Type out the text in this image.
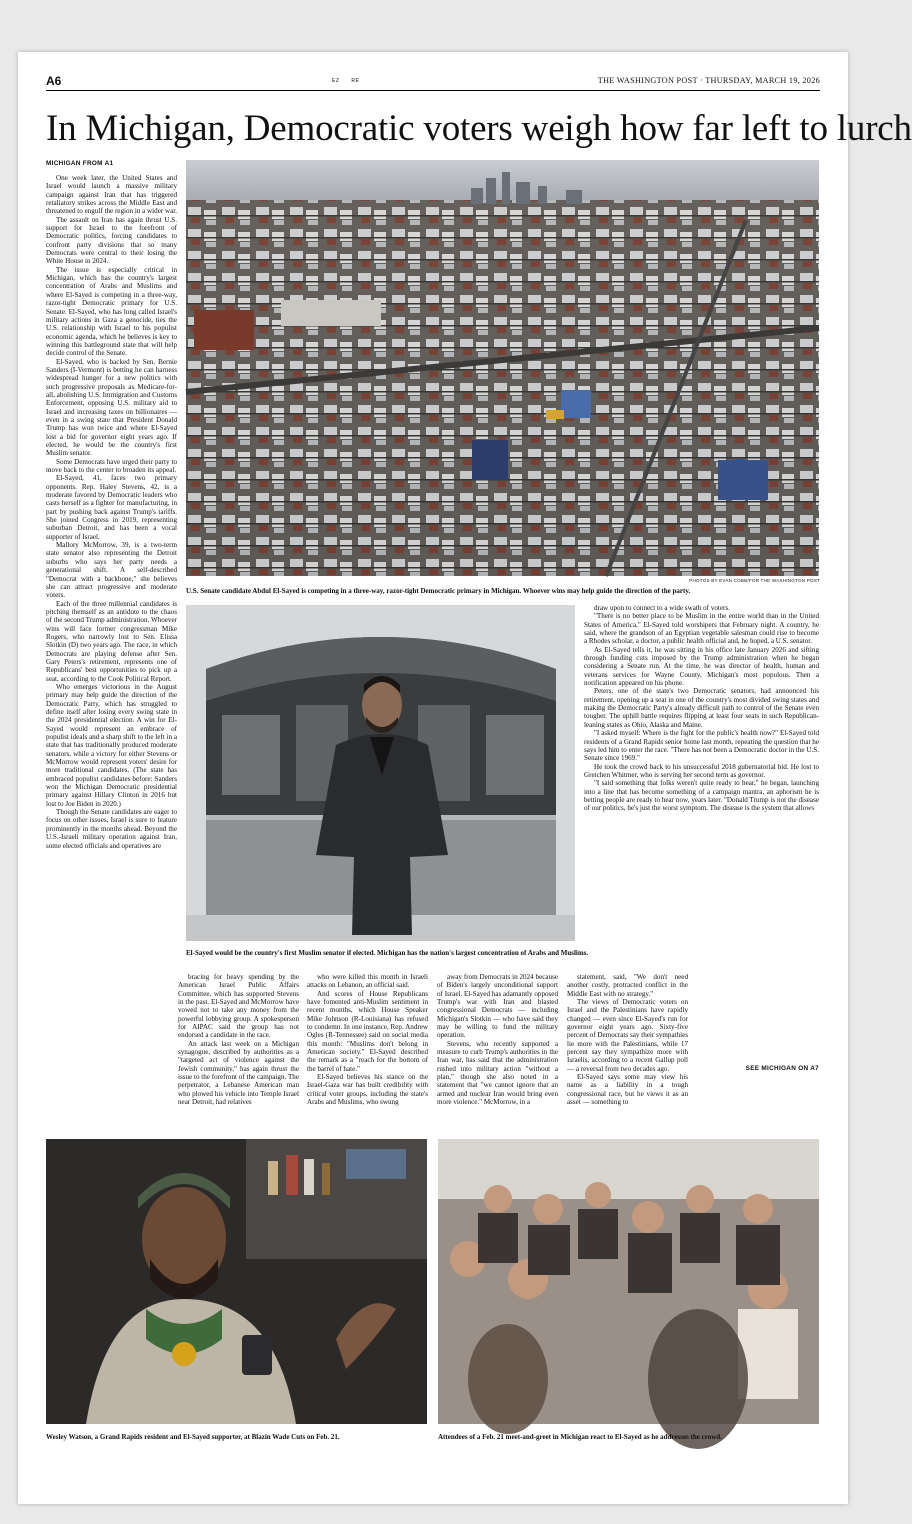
A6	EZ RE	THE WASHINGTON POST · THURSDAY, MARCH 19, 2026
In Michigan, Democratic voters weigh how far left to lurch
MICHIGAN FROM A1

One week later, the United States and Israel would launch a massive military campaign against Iran that has triggered retaliatory strikes across the Middle East and threatened to engulf the region in a wider war.

The assault on Iran has again thrust U.S. support for Israel to the forefront of Democratic politics, forcing candidates to confront party divisions that so many Democrats were central to their losing the White House in 2024.

The issue is especially critical in Michigan, which has the country's largest concentration of Arabs and Muslims and where El-Sayed is competing in a three-way, razor-tight Democratic primary for U.S. Senate. El-Sayed, who has long called Israel's military actions in Gaza a genocide, ties the U.S. relationship with Israel to his populist economic agenda, which he believes is key to winning this battleground state that will help decide control of the Senate.

El-Sayed, who is backed by Sen. Bernie Sanders (I-Vermont) is betting he can harness widespread hunger for a new politics with such progressive proposals as Medicare-for-all, abolishing U.S. Immigration and Customs Enforcement, opposing U.S. military aid to Israel and increasing taxes on billionaires — even in a swing state that President Donald Trump has won twice and where El-Sayed lost a bid for governor eight years ago. If elected, he would be the country's first Muslim senator.

Some Democrats have urged their party to move back to the center to broaden its appeal.

El-Sayed, 41, faces two primary opponents. Rep. Haley Stevens, 42, is a moderate favored by Democratic leaders who casts herself as a fighter for manufacturing, in part by pushing back against Trump's tariffs. She joined Congress in 2019, representing suburban Detroit, and has been a vocal supporter of Israel.

Mallory McMorrow, 39, is a two-term state senator also representing the Detroit suburbs who says her party needs a generational shift. A self-described "Democrat with a backbone," she believes she can attract progressive and moderate voters.

Each of the three millennial candidates is pitching themself as an antidote to the chaos of the second Trump administration. Whoever wins will face former congressman Mike Rogers, who narrowly lost to Sen. Elissa Slotkin (D) two years ago. The race, in which Democrats are playing defense after Sen. Gary Peters's retirement, represents one of Republicans' best opportunities to pick up a seat, according to the Cook Political Report.

Who emerges victorious in the August primary may help guide the direction of the Democratic Party, which has struggled to define itself after losing every swing state in the 2024 presidential election. A win for El-Sayed would represent an embrace of populist ideals and a sharp shift to the left in a state that has traditionally produced moderate senators, while a victory for either Stevens or McMorrow would represent voters' desire for more traditional candidates. (The state has embraced populist candidates before: Sanders won the Michigan Democratic presidential primary against Hillary Clinton in 2016 but lost to Joe Biden in 2020.)

Though the Senate candidates are eager to focus on other issues, Israel is sure to feature prominently in the months ahead. Beyond the U.S.-Israeli military operation against Iran, some elected officials and operatives are

PHOTOS BY EVAN COBB/FOR THE WASHINGTON POST
U.S. Senate candidate Abdul El-Sayed is competing in a three-way, razor-tight Democratic primary in Michigan. Whoever wins may help guide the direction of the party.
El-Sayed would be the country's first Muslim senator if elected. Michigan has the nation's largest concentration of Arabs and Muslims.

draw upon to connect to a wide swath of voters.

"There is no better place to be Muslim in the entire world than in the United States of America," El-Sayed told worshipers that February night. A country, he said, where the grandson of an Egyptian vegetable salesman could rise to become a Rhodes scholar, a doctor, a public health official and, he hoped, a U.S. senator.

As El-Sayed tells it, he was sitting in his office late January 2026 and sifting through funding cuts imposed by the Trump administration when he began considering a Senate run. At the time, he was director of health, human and veterans services for Wayne County, Michigan's most populous. Then a notification appeared on his phone.

Peters, one of the state's two Democratic senators, had announced his retirement, opening up a seat in one of the country's most divided swing states and making the Democratic Party's already difficult path to control of the Senate even tougher. The uphill battle requires flipping at least four seats in such Republican-leaning states as Ohio, Alaska and Maine.

"I asked myself: Where is the fight for the public's health now?" El-Sayed told residents of a Grand Rapids senior home last month, repeating the question that he says led him to enter the race. "There has not been a Democratic doctor in the U.S. Senate since 1969."

He took the crowd back to his unsuccessful 2018 gubernatorial bid. He lost to Gretchen Whitmer, who is serving her second term as governor.

"I said something that folks weren't quite ready to hear," he began, launching into a line that has become something of a campaign mantra, an aphorism he is betting people are ready to hear now, years later. "Donald Trump is not the disease of our politics, he's just the worst symptom. The disease is the system that allows

bracing for heavy spending by the American Israel Public Affairs Committee, which has supported Stevens in the past. El-Sayed and McMorrow have vowed not to take any money from the powerful lobbying group. A spokesperson for AIPAC said the group has not endorsed a candidate in the race.

An attack last week on a Michigan synagogue, described by authorities as a "targeted act of violence against the Jewish community," has again thrust the issue to the forefront of the campaign. The perpetrator, a Lebanese American man who plowed his vehicle into Temple Israel near Detroit, had relatives

who were killed this month in Israeli attacks on Lebanon, an official said.

And scores of House Republicans have fomented anti-Muslim sentiment in recent months, which House Speaker Mike Johnson (R-Louisiana) has refused to condemn. In one instance, Rep. Andrew Ogles (R-Tennessee) said on social media this month: "Muslims don't belong in American society." El-Sayed described the remark as a "reach for the bottom of the barrel of hate."

El-Sayed believes his stance on the Israel-Gaza war has built credibility with critical voter groups, including the state's Arabs and Muslims, who swung

away from Democrats in 2024 because of Biden's largely unconditional support of Israel. El-Sayed has adamantly opposed Trump's war with Iran and blasted congressional Democrats — including Michigan's Slotkin — who have said they may be willing to fund the military operation.

Stevens, who recently supported a measure to curb Trump's authorities in the Iran war, has said that the administration rushed into military action "without a plan," though she also noted in a statement that "we cannot ignore that an armed and nuclear Iran would bring even more violence." McMorrow, in a

statement, said, "We don't need another costly, protracted conflict in the Middle East with no strategy."

The views of Democratic voters on Israel and the Palestinians have rapidly changed — even since El-Sayed's run for governor eight years ago. Sixty-five percent of Democrats say their sympathies lie more with the Palestinians, while 17 percent say they sympathize more with Israelis, according to a recent Gallup poll — a reversal from two decades ago.

El-Sayed says some may view his name as a liability in a tough congressional race, but he views it as an asset — something to

SEE MICHIGAN ON A7
Wesley Watson, a Grand Rapids resident and El-Sayed supporter, at Blazin Wade Cuts on Feb. 21.	Attendees of a Feb. 21 meet-and-greet in Michigan react to El-Sayed as he addresses the crowd.
